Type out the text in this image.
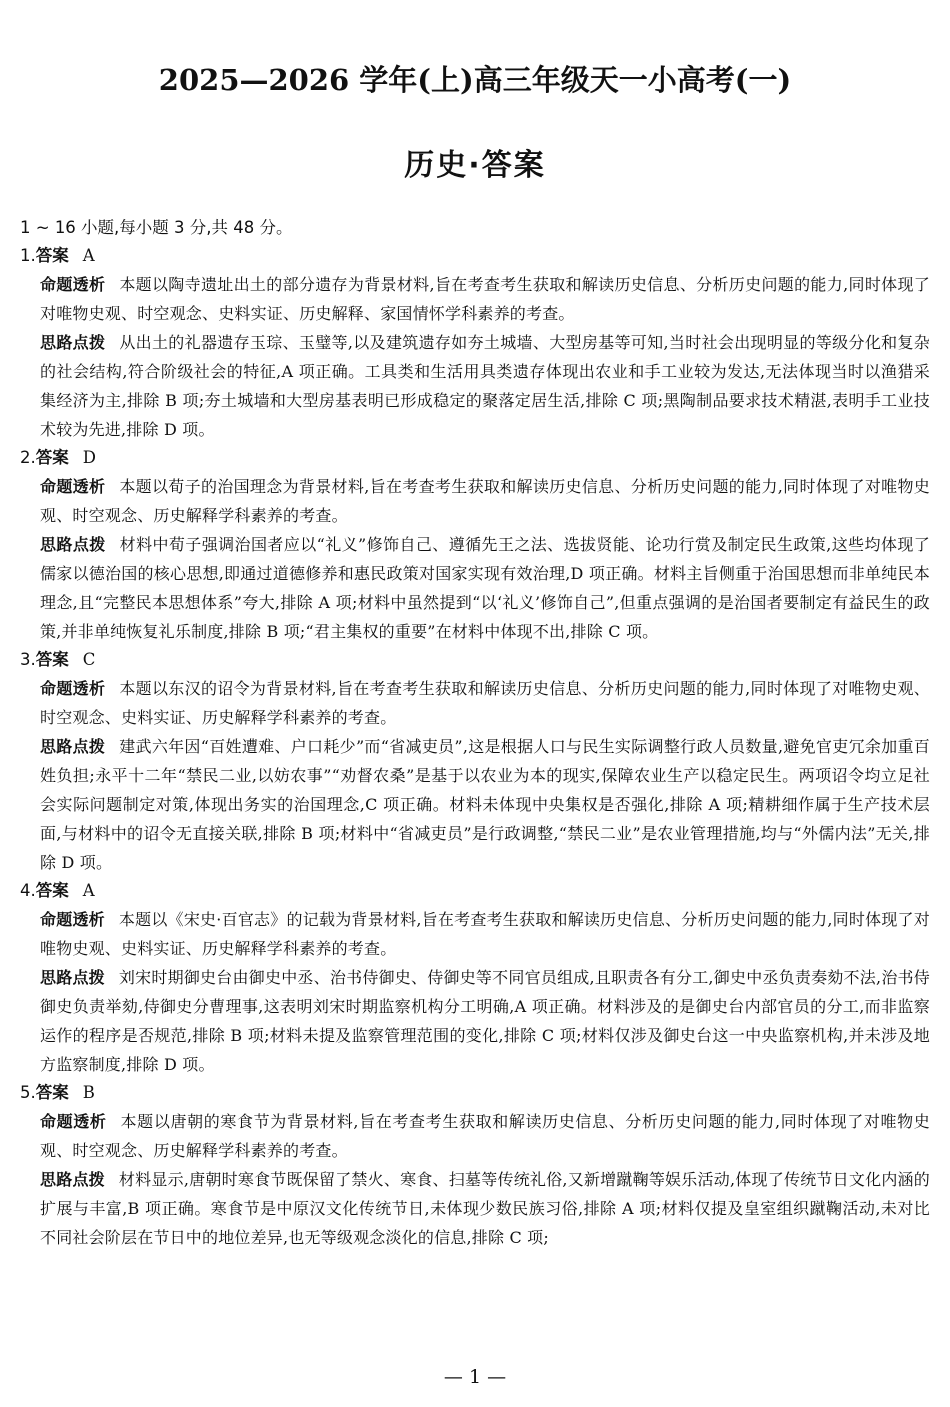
2025—2026 学年(上)高三年级天一小高考(一)
历史·答案
1 ~ 16 小题,每小题 3 分,共 48 分。
1.答案 A

命题透析 本题以陶寺遗址出土的部分遗存为背景材料,旨在考查考生获取和解读历史信息、分析历史问题的能力,同时体现了对唯物史观、时空观念、史料实证、历史解释、家国情怀学科素养的考查。

思路点拨 从出土的礼器遗存玉琮、玉璧等,以及建筑遗存如夯土城墙、大型房基等可知,当时社会出现明显的等级分化和复杂的社会结构,符合阶级社会的特征,A 项正确。工具类和生活用具类遗存体现出农业和手工业较为发达,无法体现当时以渔猎采集经济为主,排除 B 项;夯土城墙和大型房基表明已形成稳定的聚落定居生活,排除 C 项;黑陶制品要求技术精湛,表明手工业技术较为先进,排除 D 项。

2.答案 D

命题透析 本题以荀子的治国理念为背景材料,旨在考查考生获取和解读历史信息、分析历史问题的能力,同时体现了对唯物史观、时空观念、历史解释学科素养的考查。

思路点拨 材料中荀子强调治国者应以“礼义”修饰自己、遵循先王之法、选拔贤能、论功行赏及制定民生政策,这些均体现了儒家以德治国的核心思想,即通过道德修养和惠民政策对国家实现有效治理,D 项正确。材料主旨侧重于治国思想而非单纯民本理念,且“完整民本思想体系”夸大,排除 A 项;材料中虽然提到“以‘礼义’修饰自己”,但重点强调的是治国者要制定有益民生的政策,并非单纯恢复礼乐制度,排除 B 项;“君主集权的重要”在材料中体现不出,排除 C 项。

3.答案 C

命题透析 本题以东汉的诏令为背景材料,旨在考查考生获取和解读历史信息、分析历史问题的能力,同时体现了对唯物史观、时空观念、史料实证、历史解释学科素养的考查。

思路点拨 建武六年因“百姓遭难、户口耗少”而“省减吏员”,这是根据人口与民生实际调整行政人员数量,避免官吏冗余加重百姓负担;永平十二年“禁民二业,以妨农事”“劝督农桑”是基于以农业为本的现实,保障农业生产以稳定民生。两项诏令均立足社会实际问题制定对策,体现出务实的治国理念,C 项正确。材料未体现中央集权是否强化,排除 A 项;精耕细作属于生产技术层面,与材料中的诏令无直接关联,排除 B 项;材料中“省减吏员”是行政调整,“禁民二业”是农业管理措施,均与“外儒内法”无关,排除 D 项。

4.答案 A

命题透析 本题以《宋史·百官志》的记载为背景材料,旨在考查考生获取和解读历史信息、分析历史问题的能力,同时体现了对唯物史观、史料实证、历史解释学科素养的考查。

思路点拨 刘宋时期御史台由御史中丞、治书侍御史、侍御史等不同官员组成,且职责各有分工,御史中丞负责奏劾不法,治书侍御史负责举劾,侍御史分曹理事,这表明刘宋时期监察机构分工明确,A 项正确。材料涉及的是御史台内部官员的分工,而非监察运作的程序是否规范,排除 B 项;材料未提及监察管理范围的变化,排除 C 项;材料仅涉及御史台这一中央监察机构,并未涉及地方监察制度,排除 D 项。

5.答案 B

命题透析 本题以唐朝的寒食节为背景材料,旨在考查考生获取和解读历史信息、分析历史问题的能力,同时体现了对唯物史观、时空观念、历史解释学科素养的考查。

思路点拨 材料显示,唐朝时寒食节既保留了禁火、寒食、扫墓等传统礼俗,又新增蹴鞠等娱乐活动,体现了传统节日文化内涵的扩展与丰富,B 项正确。寒食节是中原汉文化传统节日,未体现少数民族习俗,排除 A 项;材料仅提及皇室组织蹴鞠活动,未对比不同社会阶层在节日中的地位差异,也无等级观念淡化的信息,排除 C 项;

— 1 —
